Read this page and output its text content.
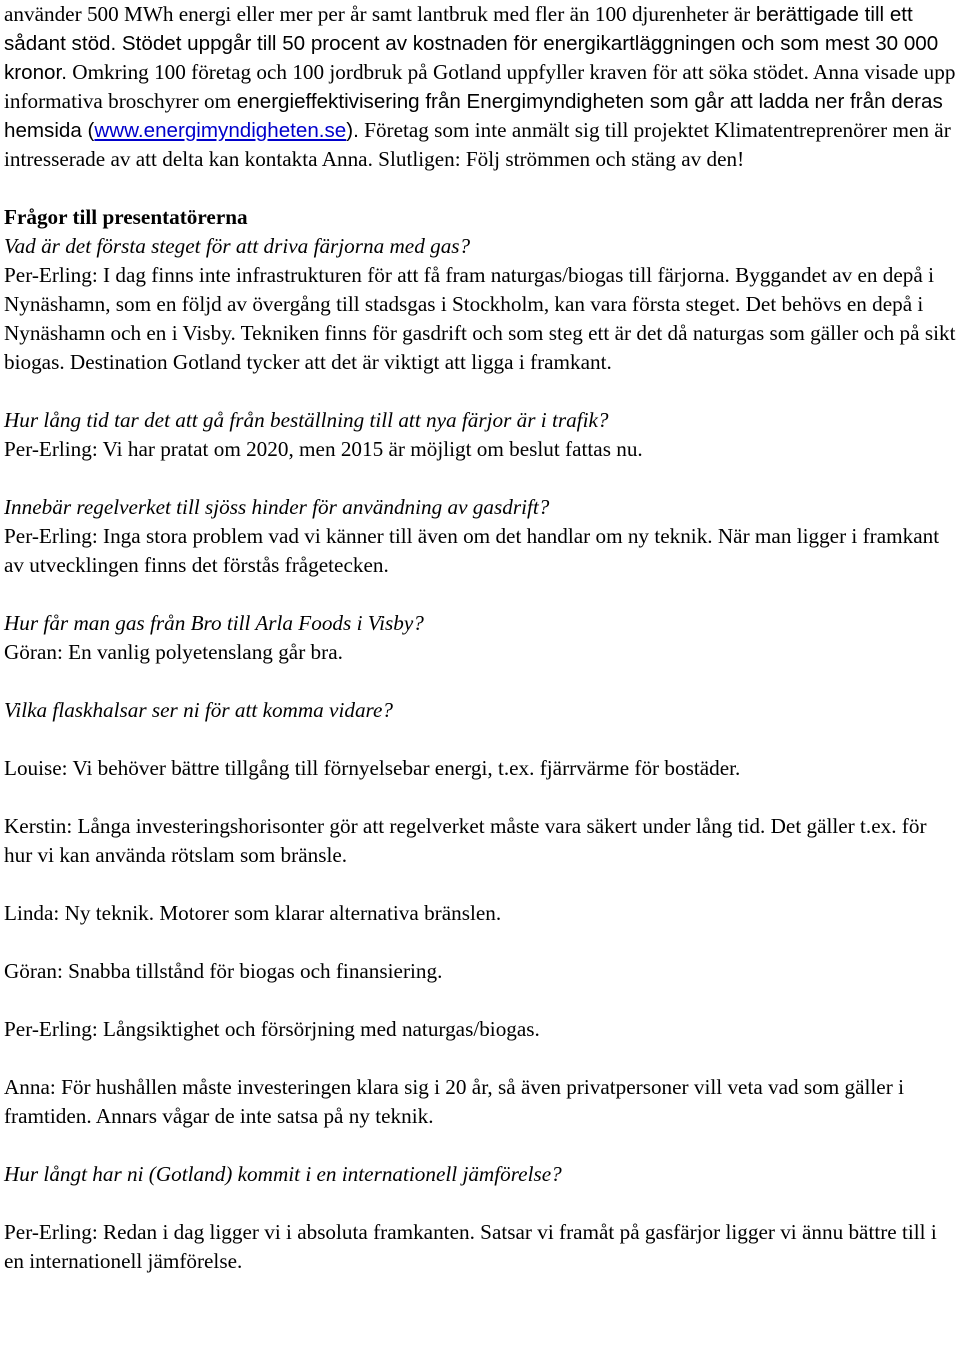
använder 500 MWh energi eller mer per år samt lantbruk med fler än 100 djurenheter är berättigade till ett sådant stöd. Stödet uppgår till 50 procent av kostnaden för energikartläggningen och som mest 30 000 kronor. Omkring 100 företag och 100 jordbruk på Gotland uppfyller kraven för att söka stödet. Anna visade upp informativa broschyrer om energieffektivisering från Energimyndigheten som går att ladda ner från deras hemsida (www.energimyndigheten.se). Företag som inte anmält sig till projektet Klimatentreprenörer men är intresserade av att delta kan kontakta Anna. Slutligen: Följ strömmen och stäng av den!

Frågor till presentatörerna

Vad är det första steget för att driva färjorna med gas?

Per-Erling: I dag finns inte infrastrukturen för att få fram naturgas/biogas till färjorna. Byggandet av en depå i Nynäshamn, som en följd av övergång till stadsgas i Stockholm, kan vara första steget. Det behövs en depå i Nynäshamn och en i Visby. Tekniken finns för gasdrift och som steg ett är det då naturgas som gäller och på sikt biogas. Destination Gotland tycker att det är viktigt att ligga i framkant.

Hur lång tid tar det att gå från beställning till att nya färjor är i trafik?

Per-Erling: Vi har pratat om 2020, men 2015 är möjligt om beslut fattas nu.

Innebär regelverket till sjöss hinder för användning av gasdrift?

Per-Erling: Inga stora problem vad vi känner till även om det handlar om ny teknik. När man ligger i framkant av utvecklingen finns det förstås frågetecken.

Hur får man gas från Bro till Arla Foods i Visby?

Göran: En vanlig polyetenslang går bra.

Vilka flaskhalsar ser ni för att komma vidare?

Louise: Vi behöver bättre tillgång till förnyelsebar energi, t.ex. fjärrvärme för bostäder.

Kerstin: Långa investeringshorisonter gör att regelverket måste vara säkert under lång tid. Det gäller t.ex. för hur vi kan använda rötslam som bränsle.

Linda: Ny teknik. Motorer som klarar alternativa bränslen.

Göran: Snabba tillstånd för biogas och finansiering.

Per-Erling: Långsiktighet och försörjning med naturgas/biogas.

Anna: För hushållen måste investeringen klara sig i 20 år, så även privatpersoner vill veta vad som gäller i framtiden. Annars vågar de inte satsa på ny teknik.

Hur långt har ni (Gotland) kommit i en internationell jämförelse?

Per-Erling: Redan i dag ligger vi i absoluta framkanten. Satsar vi framåt på gasfärjor ligger vi ännu bättre till i en internationell jämförelse.
